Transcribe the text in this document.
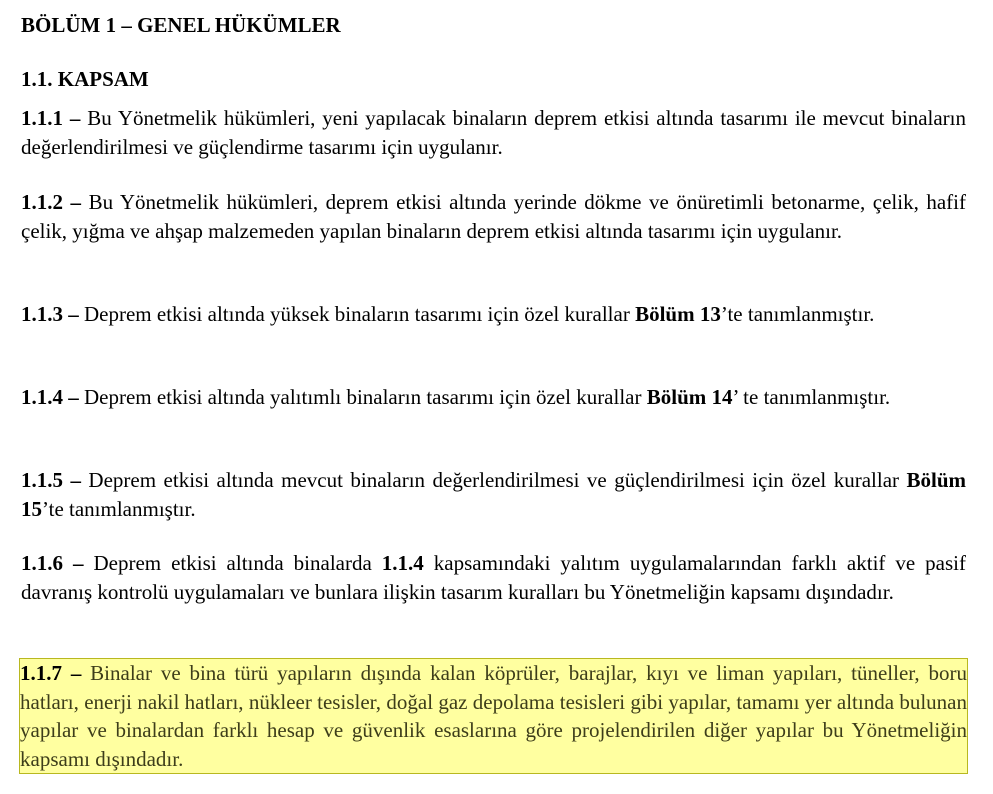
BÖLÜM 1 – GENEL HÜKÜMLER
1.1. KAPSAM

1.1.1 – Bu Yönetmelik hükümleri, yeni yapılacak binaların deprem etkisi altında tasarımı ile mevcut binaların değerlendirilmesi ve güçlendirme tasarımı için uygulanır.

1.1.2 – Bu Yönetmelik hükümleri, deprem etkisi altında yerinde dökme ve önüretimli betonarme, çelik, hafif çelik, yığma ve ahşap malzemeden yapılan binaların deprem etkisi altında tasarımı için uygulanır.

1.1.3 – Deprem etkisi altında yüksek binaların tasarımı için özel kurallar Bölüm 13’te tanımlanmıştır.

1.1.4 – Deprem etkisi altında yalıtımlı binaların tasarımı için özel kurallar Bölüm 14’ te tanımlanmıştır.

1.1.5 – Deprem etkisi altında mevcut binaların değerlendirilmesi ve güçlendirilmesi için özel kurallar Bölüm 15’te tanımlanmıştır.

1.1.6 – Deprem etkisi altında binalarda 1.1.4 kapsamındaki yalıtım uygulamalarından farklı aktif ve pasif davranış kontrolü uygulamaları ve bunlara ilişkin tasarım kuralları bu Yönetmeliğin kapsamı dışındadır.

1.1.7 – Binalar ve bina türü yapıların dışında kalan köprüler, barajlar, kıyı ve liman yapıları, tüneller, boru hatları, enerji nakil hatları, nükleer tesisler, doğal gaz depolama tesisleri gibi yapılar, tamamı yer altında bulunan yapılar ve binalardan farklı hesap ve güvenlik esaslarına göre projelendirilen diğer yapılar bu Yönetmeliğin kapsamı dışındadır.
